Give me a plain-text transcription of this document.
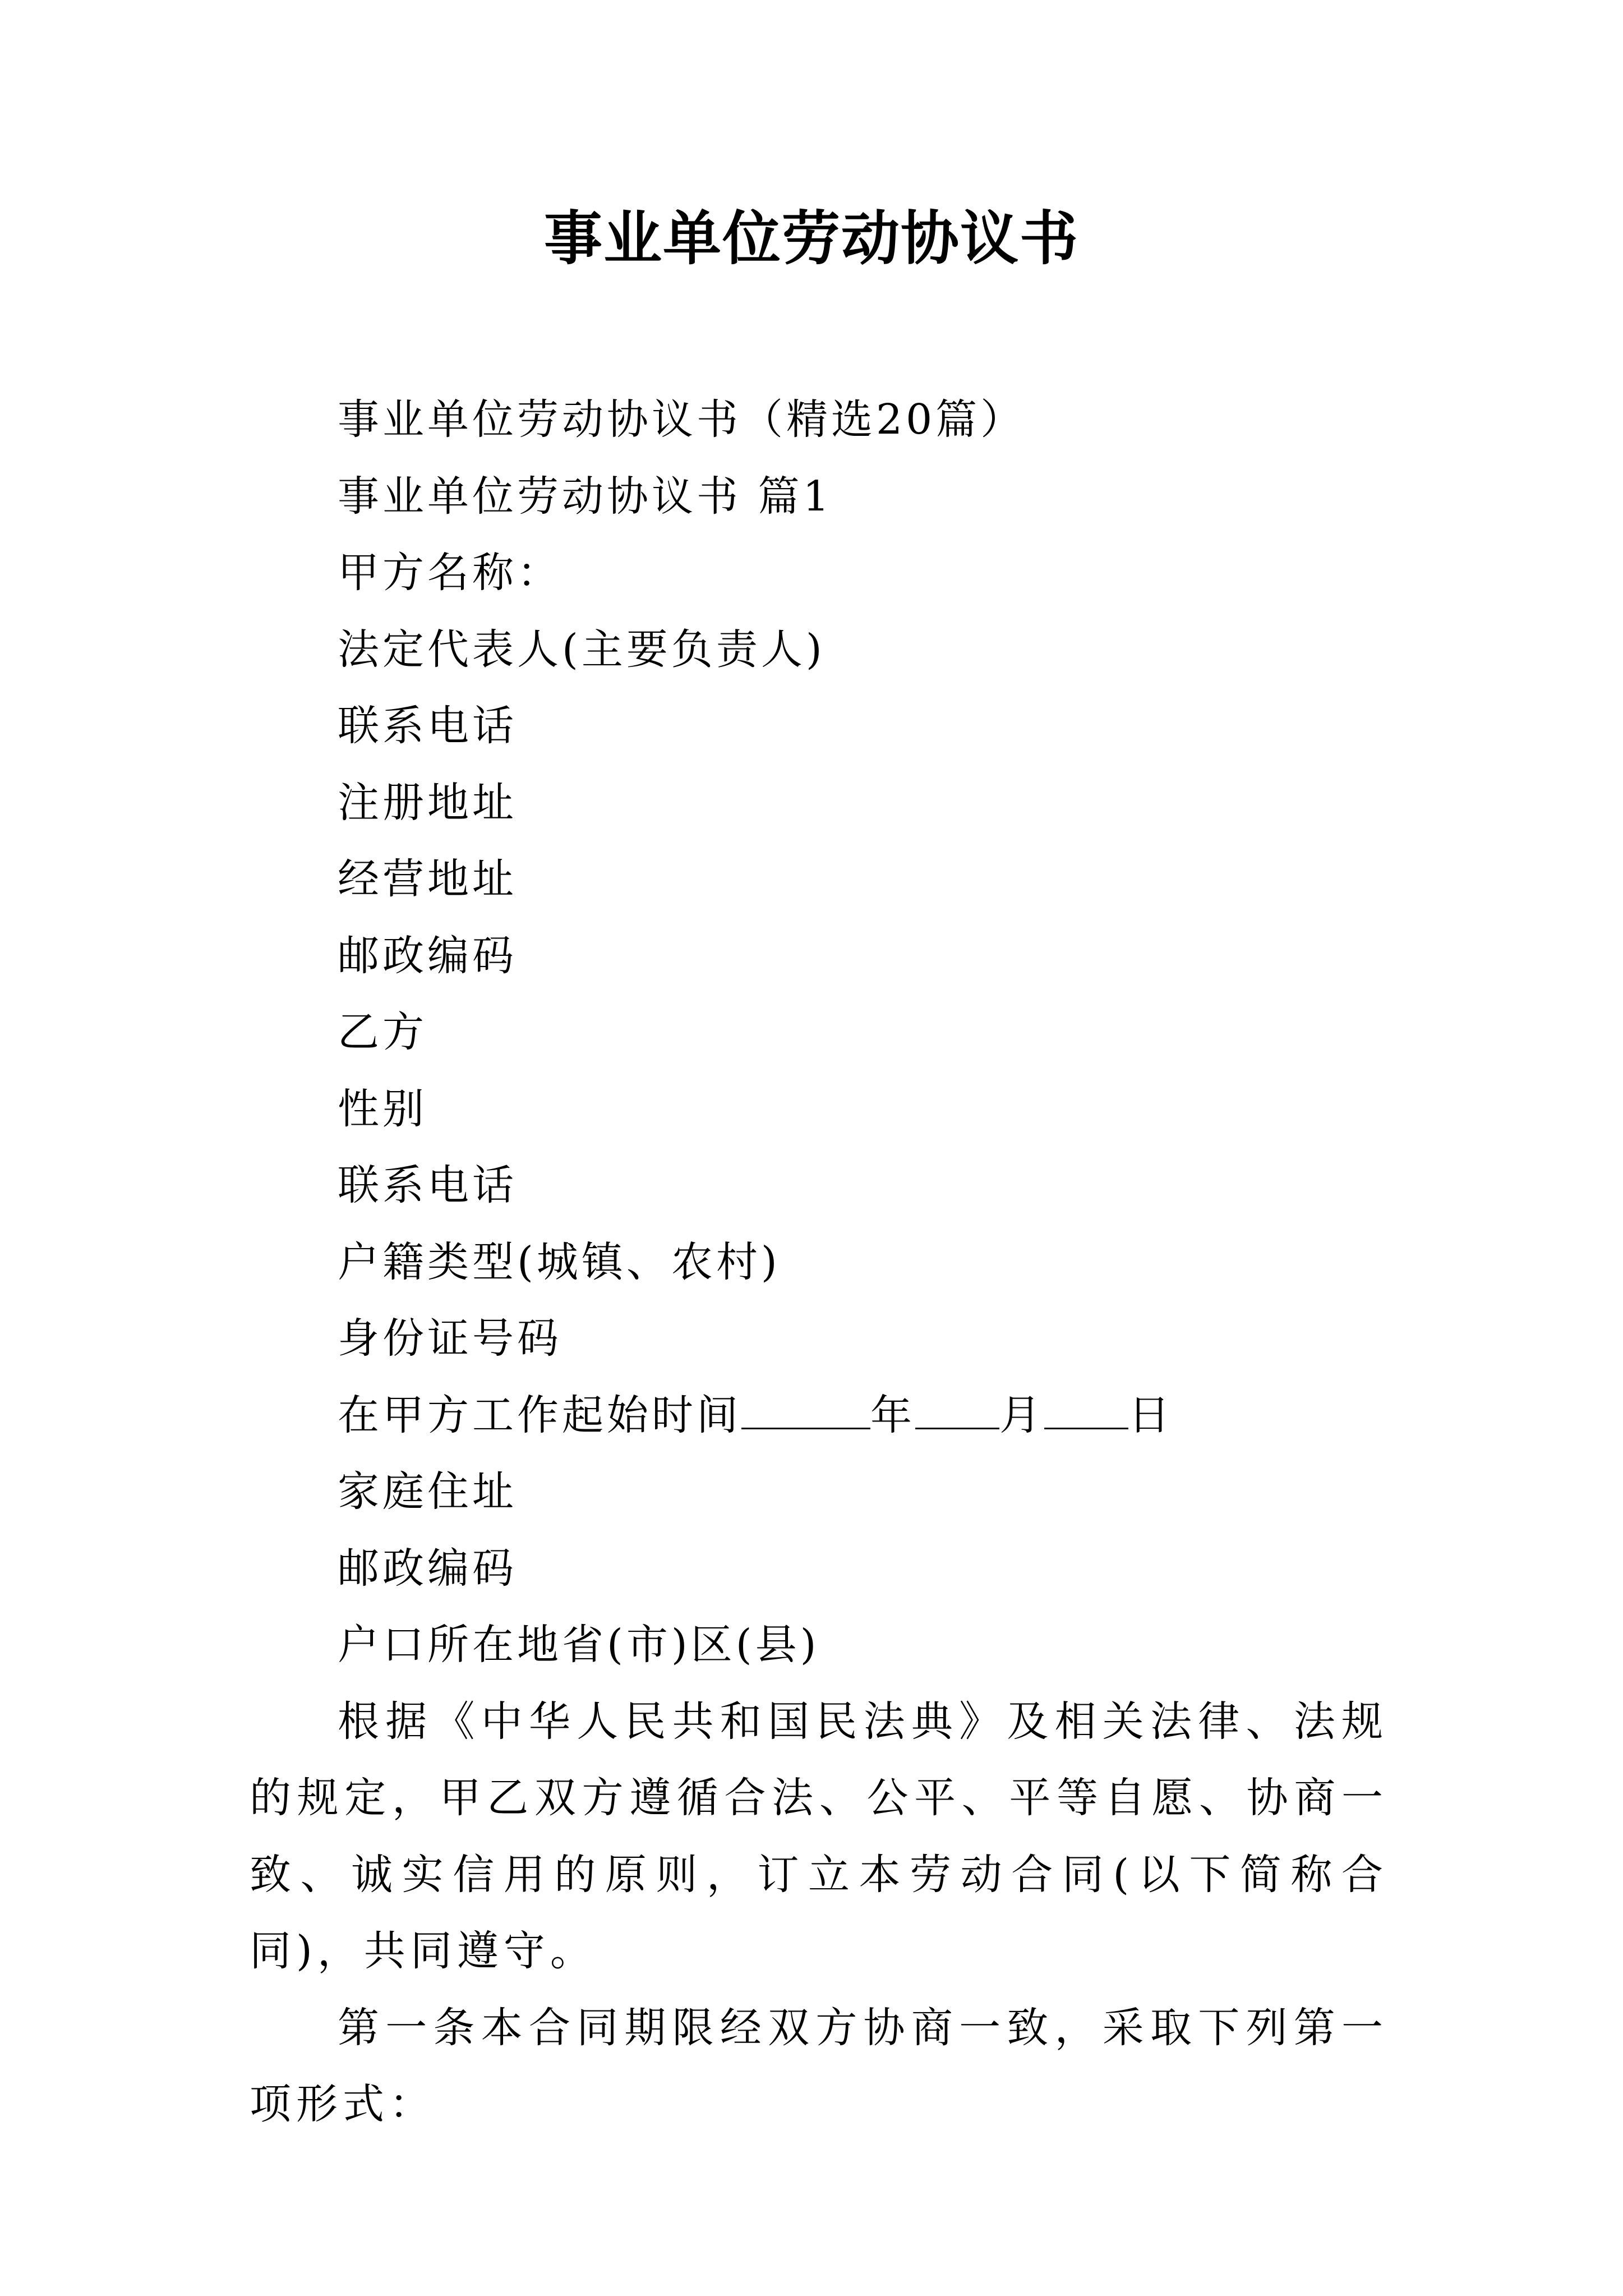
事业单位劳动协议书

事业单位劳动协议书（精选20篇）

事业单位劳动协议书 篇1

甲方名称：

法定代表人(主要负责人)

联系电话

注册地址

经营地址

邮政编码

乙方

性别

联系电话

户籍类型(城镇、农村)

身份证号码

在甲方工作起始时间	年 月 日

家庭住址

邮政编码

户口所在地省(市)区(县)

根据《中华人民共和国民法典》及相关法律、法规的规定，甲乙双方遵循合法、公平、平等自愿、协商一致、诚实信用的原则，订立本劳动合同(以下简称合同)，共同遵守。

第一条本合同期限经双方协商一致，采取下列第一项形式：
